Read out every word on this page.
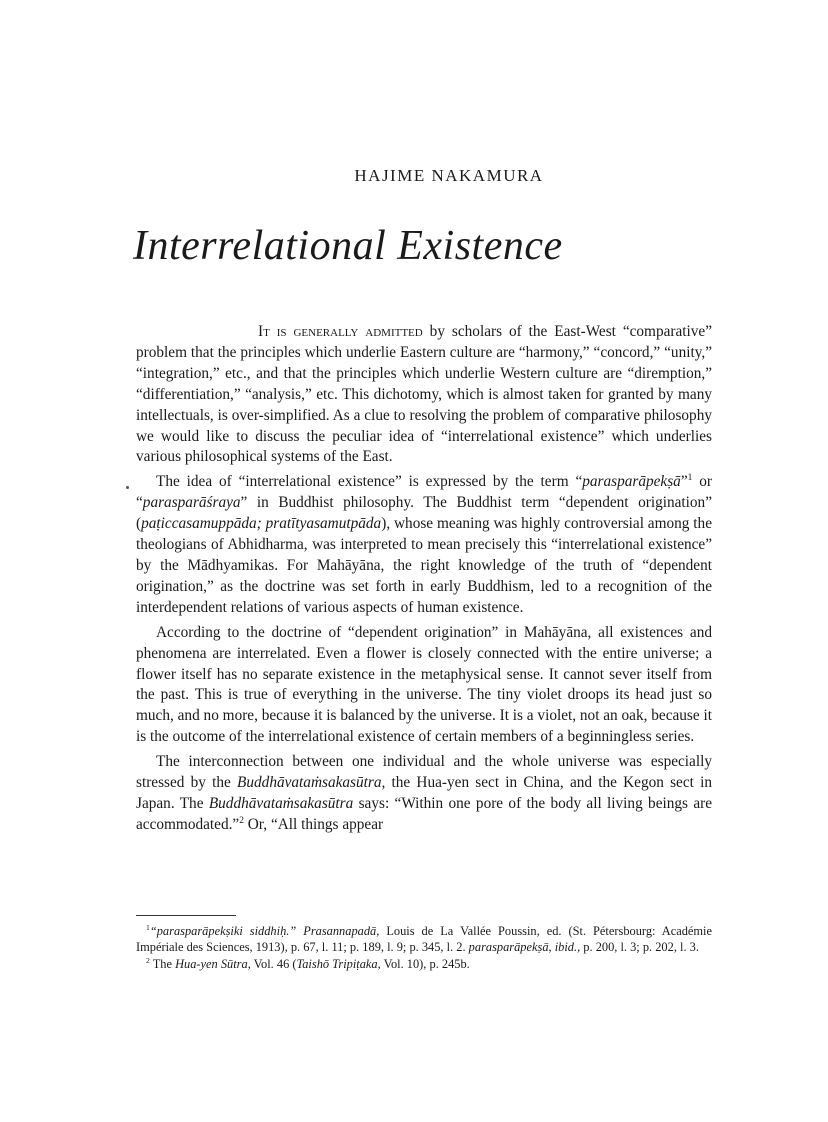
HAJIME NAKAMURA
Interrelational Existence

It is generally admitted by scholars of the East-West “comparative” problem that the principles which underlie Eastern culture are “harmony,” “concord,” “unity,” “integration,” etc., and that the principles which underlie Western culture are “diremption,” “differentiation,” “analysis,” etc. This dichotomy, which is almost taken for granted by many intellectuals, is over-simplified. As a clue to resolving the problem of comparative philosophy we would like to discuss the peculiar idea of “interrelational existence” which underlies various philosophical systems of the East.

The idea of “interrelational existence” is expressed by the term “parasparāpekṣā”$^1$ or “parasparāśraya” in Buddhist philosophy. The Buddhist term “dependent origination” (paṭiccasamuppāda; pratītyasamutpāda), whose meaning was highly controversial among the theologians of Abhidharma, was interpreted to mean precisely this “interrelational existence” by the Mādhyamikas. For Mahāyāna, the right knowledge of the truth of “dependent origination,” as the doctrine was set forth in early Buddhism, led to a recognition of the interdependent relations of various aspects of human existence.

According to the doctrine of “dependent origination” in Mahāyāna, all existences and phenomena are interrelated. Even a flower is closely connected with the entire universe; a flower itself has no separate existence in the metaphysical sense. It cannot sever itself from the past. This is true of everything in the universe. The tiny violet droops its head just so much, and no more, because it is balanced by the universe. It is a violet, not an oak, because it is the outcome of the interrelational existence of certain members of a beginningless series.

The interconnection between one individual and the whole universe was especially stressed by the Buddhāvataṁsakasūtra, the Hua-yen sect in China, and the Kegon sect in Japan. The Buddhāvataṁsakasūtra says: “Within one pore of the body all living beings are accommodated.”$^2$ Or, “All things appear

$^1$“parasparāpekṣiki siddhiḥ.” Prasannapadā, Louis de La Vallée Poussin, ed. (St. Pétersbourg: Académie Impériale des Sciences, 1913), p. 67, l. 11; p. 189, l. 9; p. 345, l. 2. parasparāpekṣā, ibid., p. 200, l. 3; p. 202, l. 3.

$^2$ The Hua-yen Sūtra, Vol. 46 (Taishō Tripiṭaka, Vol. 10), p. 245b.
